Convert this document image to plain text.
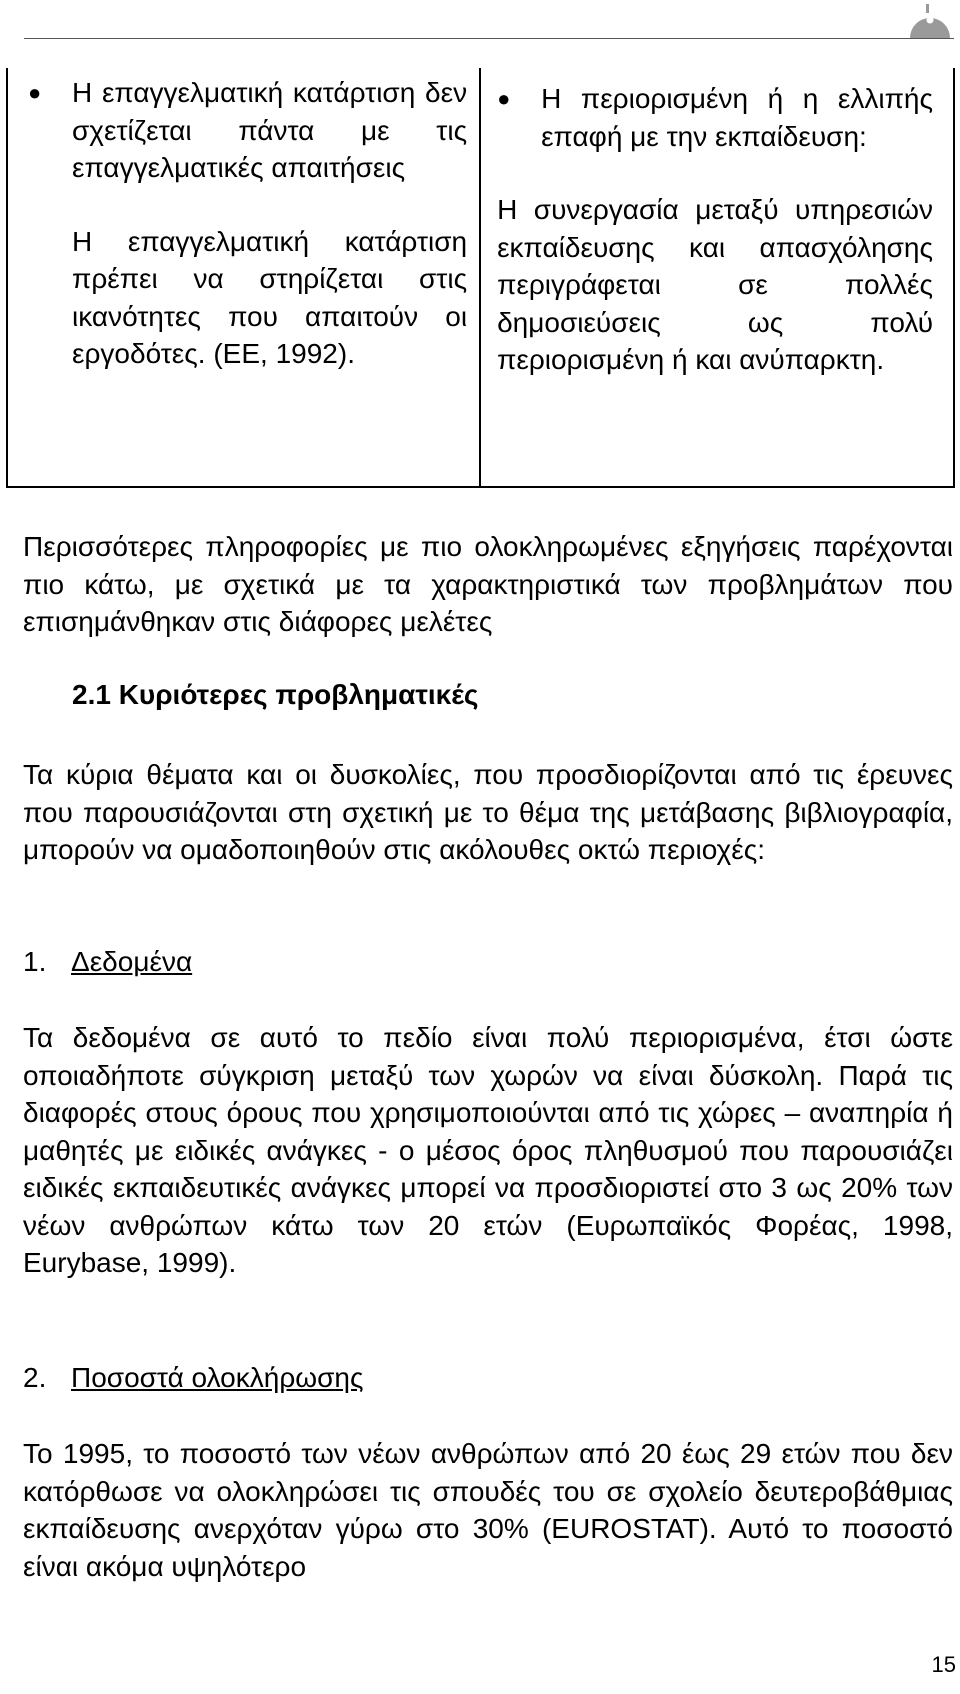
● Η επαγγελματική κατάρτιση δεν σχετίζεται πάντα με τις επαγγελματικές απαιτήσεις
Η επαγγελματική κατάρτιση πρέπει να στηρίζεται στις ικανότητες που απαιτούν οι εργοδότες. (ΕΕ, 1992).
●	Η περιορισμένη ή η ελλιπής επαφή με την εκπαίδευση:
Η συνεργασία μεταξύ υπηρεσιών εκπαίδευσης και απασχόλησης περιγράφεται σε πολλές δημοσιεύσεις ως πολύ περιορισμένη ή και ανύπαρκτη.
Περισσότερες πληροφορίες με πιο ολοκληρωμένες εξηγήσεις παρέχονται πιο κάτω, με σχετικά με τα χαρακτηριστικά των προβλημάτων που επισημάνθηκαν στις διάφορες μελέτες
2.1 Κυριότερες προβληματικές
Τα κύρια θέματα και οι δυσκολίες, που προσδιορίζονται από τις έρευνες που παρουσιάζονται στη σχετική με το θέμα της μετάβασης βιβλιογραφία, μπορούν να ομαδοποιηθούν στις ακόλουθες οκτώ περιοχές:
1. Δεδομένα
Τα δεδομένα σε αυτό το πεδίο είναι πολύ περιορισμένα, έτσι ώστε οποιαδήποτε σύγκριση μεταξύ των χωρών να είναι δύσκολη. Παρά τις διαφορές στους όρους που χρησιμοποιούνται από τις χώρες – αναπηρία ή μαθητές με ειδικές ανάγκες - ο μέσος όρος πληθυσμού που παρουσιάζει ειδικές εκπαιδευτικές ανάγκες μπορεί να προσδιοριστεί στο 3 ως 20% των νέων ανθρώπων κάτω των 20 ετών (Ευρωπαϊκός Φορέας, 1998, Eurybase, 1999).
2. Ποσοστά ολοκλήρωσης
Το 1995, το ποσοστό των νέων ανθρώπων από 20 έως 29 ετών που δεν κατόρθωσε να ολοκληρώσει τις σπουδές του σε σχολείο δευτεροβάθμιας εκπαίδευσης ανερχόταν γύρω στο 30% (EUROSTAT). Αυτό το ποσοστό είναι ακόμα υψηλότερο
15
